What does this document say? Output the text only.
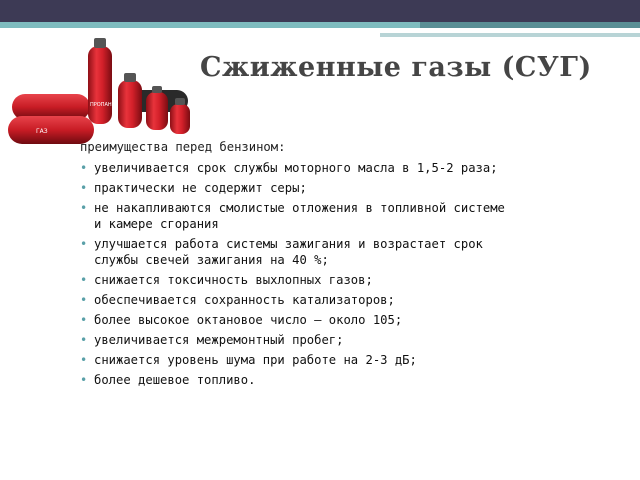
ГАЗ
ПРОПАН
Сжиженные газы (СУГ)
преимущества перед бензином:
• увеличивается срок службы моторного масла в 1,5-2 раза;
• практически не содержит серы;
• не накапливаются смолистые отложения в топливной системе
и камере сгорания
• улучшается работа системы зажигания и возрастает срок
службы свечей зажигания на 40 %;
• снижается токсичность выхлопных газов;
• обеспечивается сохранность катализаторов;
• более высокое октановое число – около 105;
• увеличивается межремонтный пробег;
• снижается уровень шума при работе на 2-3 дБ;
• более дешевое топливо.
